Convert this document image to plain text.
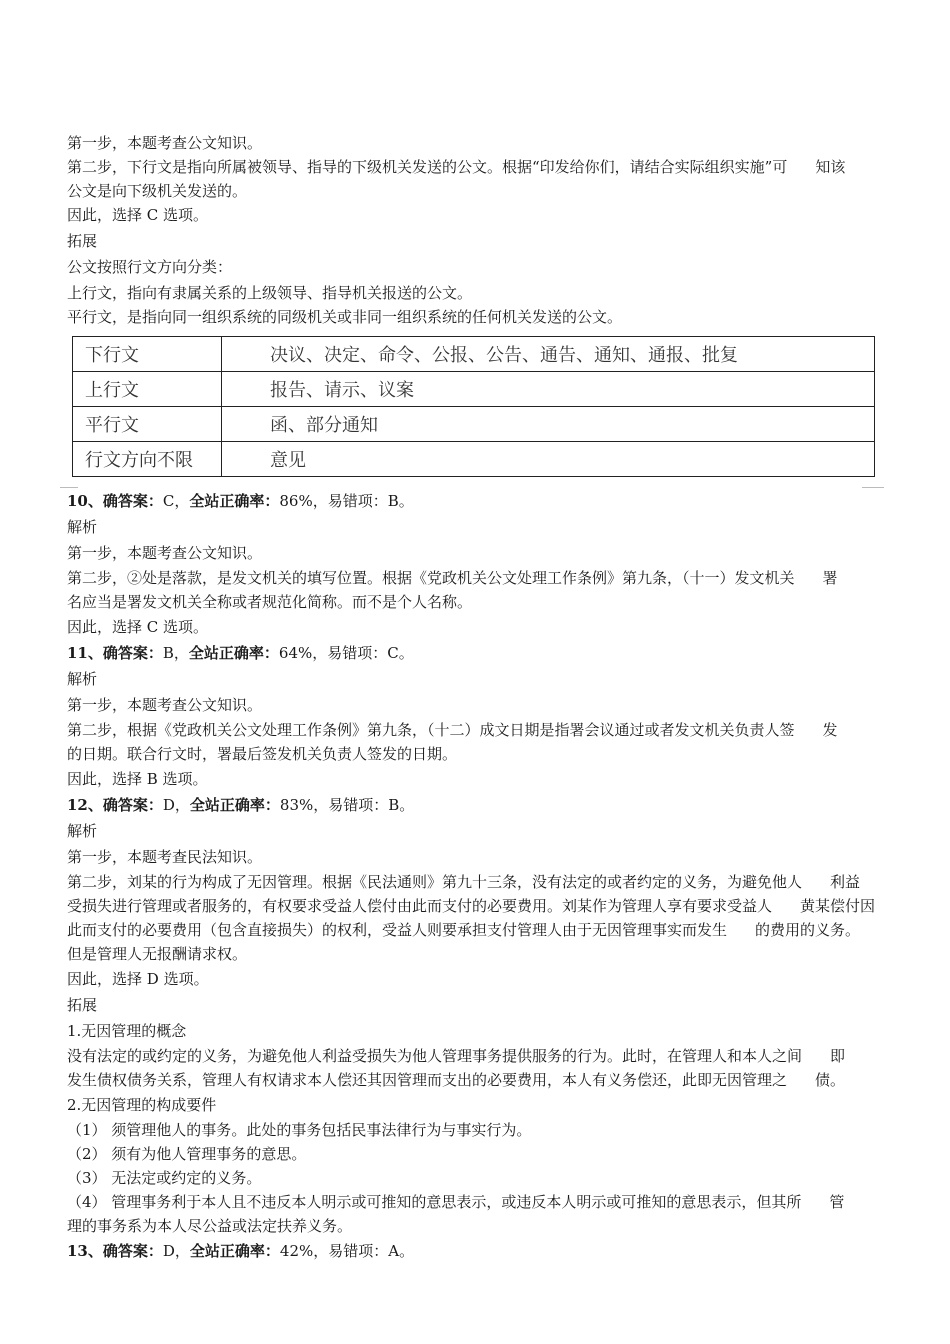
第一步，本题考查公文知识。
第二步，下行文是指向所属被领导、指导的下级机关发送的公文。根据“印发给你们，请结合实际组织实施”可 知该
公文是向下级机关发送的。
因此，选择 C 选项。
拓展
公文按照行文方向分类：
上行文，指向有隶属关系的上级领导、指导机关报送的公文。
平行文，是指向同一组织系统的同级机关或非同一组织系统的任何机关发送的公文。
下行文	决议、决定、命令、公报、公告、通告、通知、通报、批复
上行文	报告、请示、议案
平行文	函、部分通知
行文方向不限	意见
10、确答案：C，全站正确率：86%，易错项：B。
解析
第一步，本题考查公文知识。
第二步，②处是落款，是发文机关的填写位置。根据《党政机关公文处理工作条例》第九条，（十一）发文机关 署
名应当是署发文机关全称或者规范化简称。而不是个人名称。
因此，选择 C 选项。
11、确答案：B，全站正确率：64%，易错项：C。
解析
第一步，本题考查公文知识。
第二步，根据《党政机关公文处理工作条例》第九条，（十二）成文日期是指署会议通过或者发文机关负责人签 发
的日期。联合行文时，署最后签发机关负责人签发的日期。
因此，选择 B 选项。
12、确答案：D，全站正确率：83%，易错项：B。
解析
第一步，本题考查民法知识。
第二步，刘某的行为构成了无因管理。根据《民法通则》第九十三条，没有法定的或者约定的义务，为避免他人 利益
受损失进行管理或者服务的，有权要求受益人偿付由此而支付的必要费用。刘某作为管理人享有要求受益人 黄某偿付因
此而支付的必要费用（包含直接损失）的权利，受益人则要承担支付管理人由于无因管理事实而发生 的费用的义务。
但是管理人无报酬请求权。
因此，选择 D 选项。
拓展
1.无因管理的概念
没有法定的或约定的义务，为避免他人利益受损失为他人管理事务提供服务的行为。此时，在管理人和本人之间 即
发生债权债务关系，管理人有权请求本人偿还其因管理而支出的必要费用，本人有义务偿还，此即无因管理之 债。
2.无因管理的构成要件
（1） 须管理他人的事务。此处的事务包括民事法律行为与事实行为。
（2） 须有为他人管理事务的意思。
（3） 无法定或约定的义务。
（4） 管理事务利于本人且不违反本人明示或可推知的意思表示，或违反本人明示或可推知的意思表示，但其所 管
理的事务系为本人尽公益或法定扶养义务。
13、确答案：D，全站正确率：42%，易错项：A。
